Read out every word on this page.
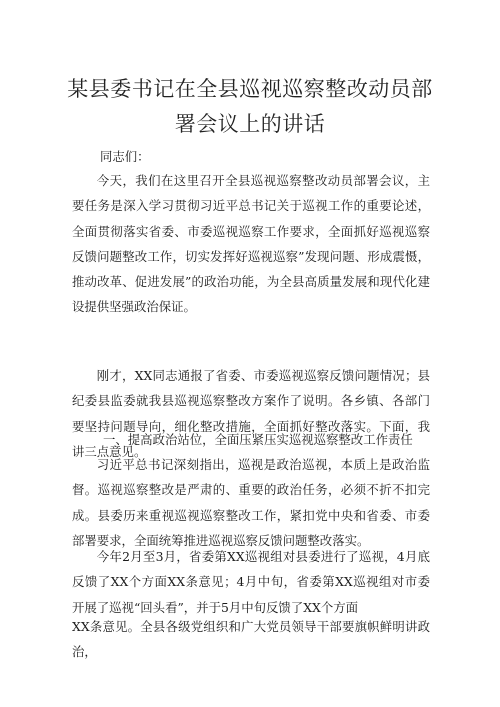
某县委书记在全县巡视巡察整改动员部
署会议上的讲话

同志们：

今天，我们在这里召开全县巡视巡察整改动员部署会议，主要任务是深入学习贯彻习近平总书记关于巡视工作的重要论述，全面贯彻落实省委、市委巡视巡察工作要求，全面抓好巡视巡察反馈问题整改工作，切实发挥好巡视巡察”发现问题、形成震慑，推动改革、促进发展”的政治功能，为全县高质量发展和现代化建设提供坚强政治保证。

刚才，XX同志通报了省委、市委巡视巡察反馈问题情况；县纪委县监委就我县巡视巡察整改方案作了说明。各乡镇、各部门要坚持问题导向，细化整改措施，全面抓好整改落实。下面，我讲三点意见。

一、提高政治站位，全面压紧压实巡视巡察整改工作责任

习近平总书记深刻指出，巡视是政治巡视，本质上是政治监督。巡视巡察整改是严肃的、重要的政治任务，必须不折不扣完成。县委历来重视巡视巡察整改工作，紧扣党中央和省委、市委部署要求，全面统筹推进巡视巡察反馈问题整改落实。

今年2月至3月，省委第XX巡视组对县委进行了巡视，4月底反馈了XX个方面XX条意见；4月中旬，省委第XX巡视组对市委开展了巡视“回头看”，并于5月中旬反馈了XX个方面

XX条意见。全县各级党组织和广大党员领导干部要旗帜鲜明讲政治，
